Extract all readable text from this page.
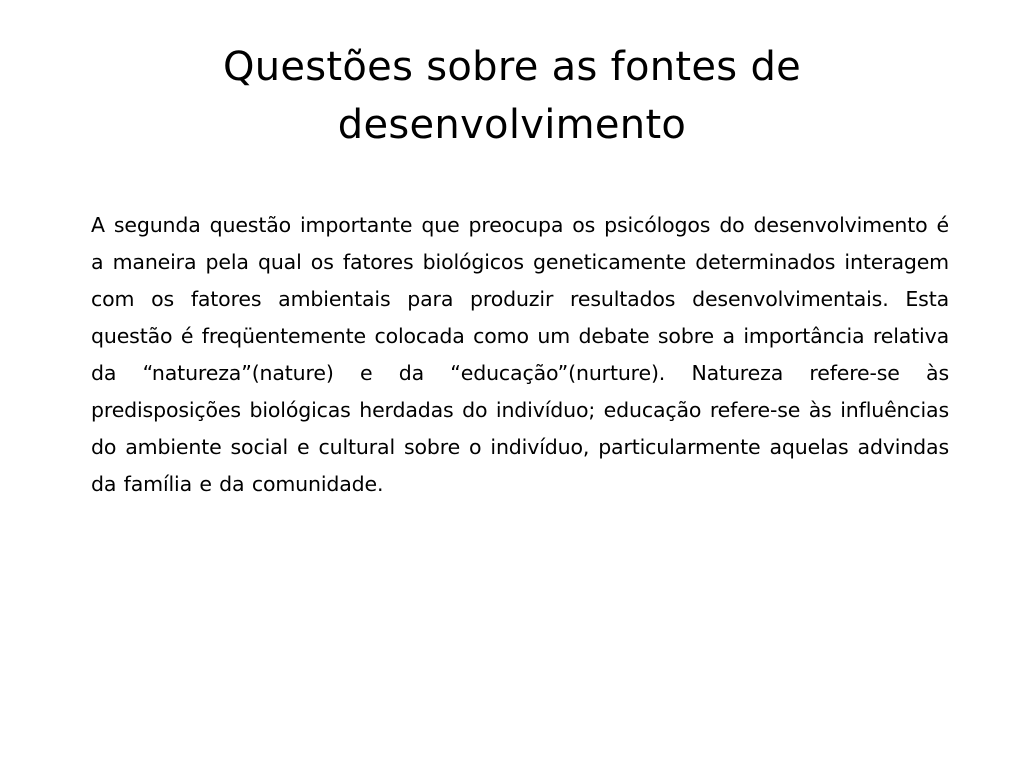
Questões sobre as fontes de desenvolvimento

A segunda questão importante que preocupa os psicólogos do desenvolvimento é a maneira pela qual os fatores biológicos geneticamente determinados interagem com os fatores ambientais para produzir resultados desenvolvimentais. Esta questão é freqüentemente colocada como um debate sobre a importância relativa da “natureza”(nature) e da “educação”(nurture). Natureza refere-se às predisposições biológicas herdadas do indivíduo; educação refere-se às influências do ambiente social e cultural sobre o indivíduo, particularmente aquelas advindas da família e da comunidade.
